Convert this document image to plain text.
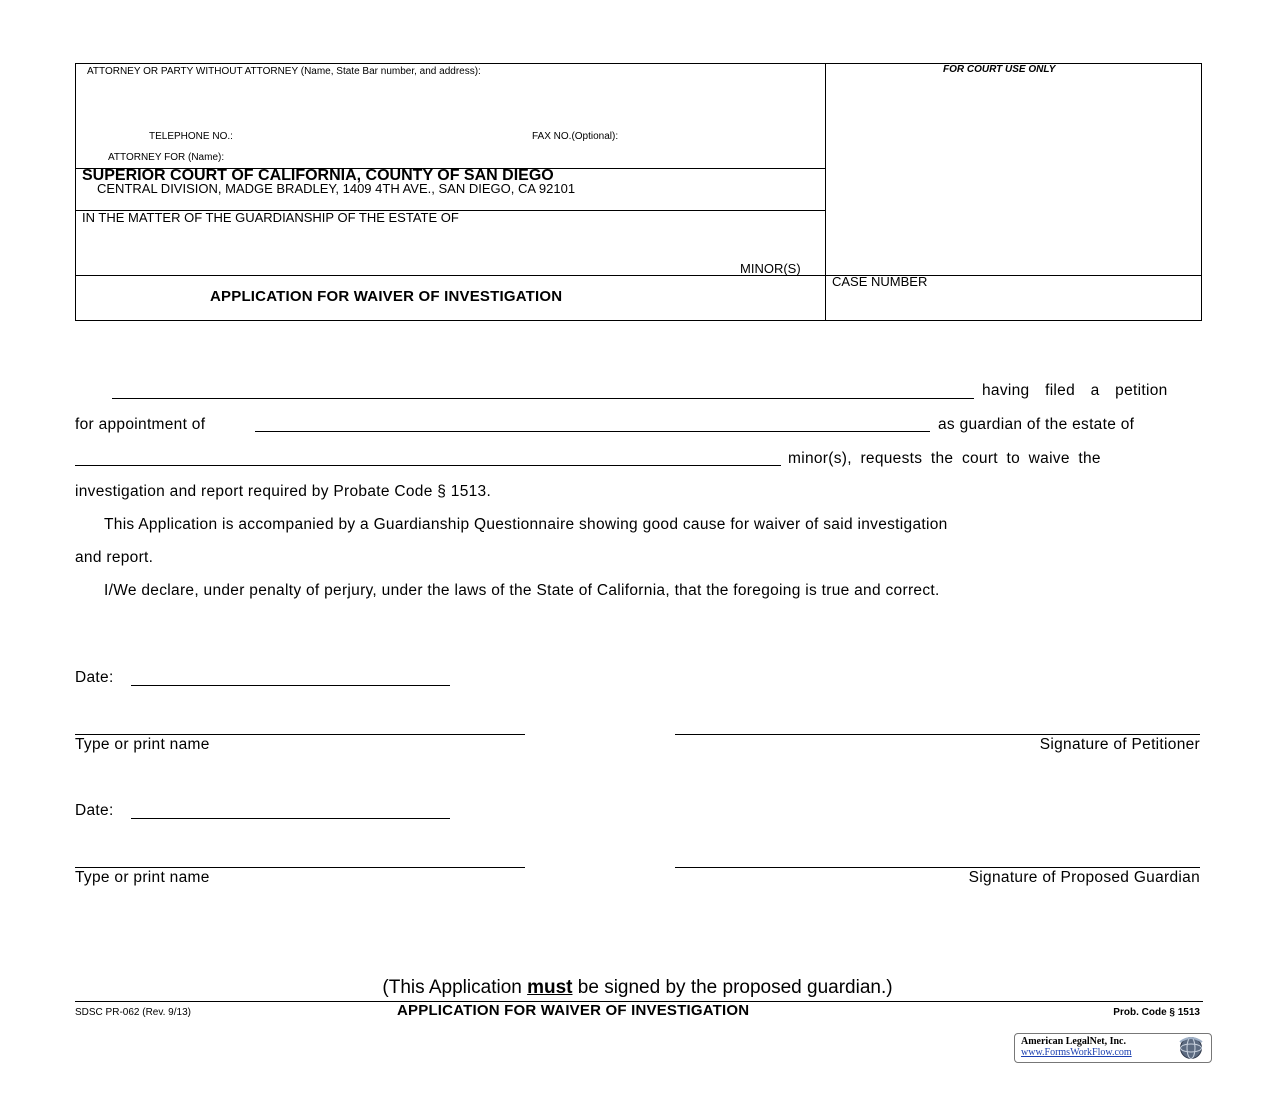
ATTORNEY OR PARTY WITHOUT ATTORNEY (Name, State Bar number, and address):	FOR COURT USE ONLY
TELEPHONE NO.:	FAX NO.(Optional):
ATTORNEY FOR (Name):
SUPERIOR COURT OF CALIFORNIA, COUNTY OF SAN DIEGO
CENTRAL DIVISION, MADGE BRADLEY, 1409 4TH AVE., SAN DIEGO, CA 92101
IN THE MATTER OF THE GUARDIANSHIP OF THE ESTATE OF
MINOR(S)
APPLICATION FOR WAIVER OF INVESTIGATION
CASE NUMBER
having filed a petition
for appointment of	as guardian of the estate of
minor(s), requests the court to waive the
investigation and report required by Probate Code § 1513.
This Application is accompanied by a Guardianship Questionnaire showing good cause for waiver of said investigation
and report.
I/We declare, under penalty of perjury, under the laws of the State of California, that the foregoing is true and correct.
Date:
Type or print name	Signature of Petitioner
Date:
Type or print name	Signature of Proposed Guardian
(This Application must be signed by the proposed guardian.)
SDSC PR-062 (Rev. 9/13)	APPLICATION FOR WAIVER OF INVESTIGATION	Prob. Code § 1513
American LegalNet, Inc.
www.FormsWorkFlow.com
